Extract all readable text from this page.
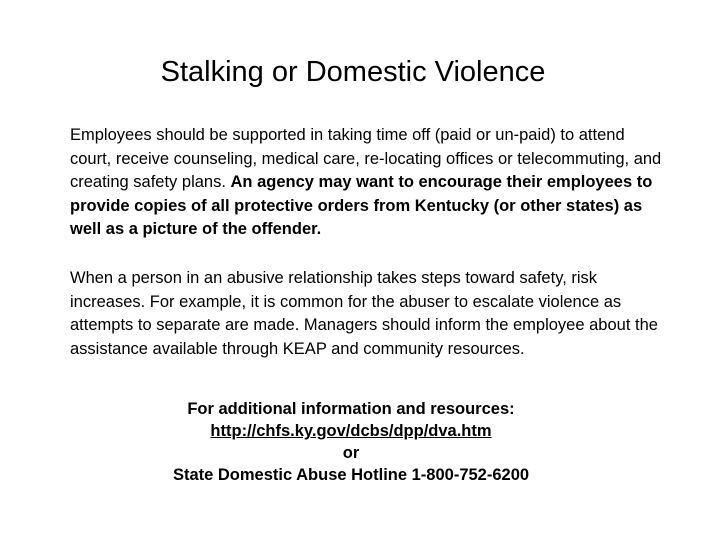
Stalking or Domestic Violence

Employees should be supported in taking time off (paid or un-paid) to attend court, receive counseling, medical care, re-locating offices or telecommuting, and creating safety plans. An agency may want to encourage their employees to provide copies of all protective orders from Kentucky (or other states) as well as a picture of the offender.

When a person in an abusive relationship takes steps toward safety, risk increases. For example, it is common for the abuser to escalate violence as attempts to separate are made. Managers should inform the employee about the assistance available through KEAP and community resources.

For additional information and resources:
http://chfs.ky.gov/dcbs/dpp/dva.htm
or
State Domestic Abuse Hotline 1-800-752-6200
